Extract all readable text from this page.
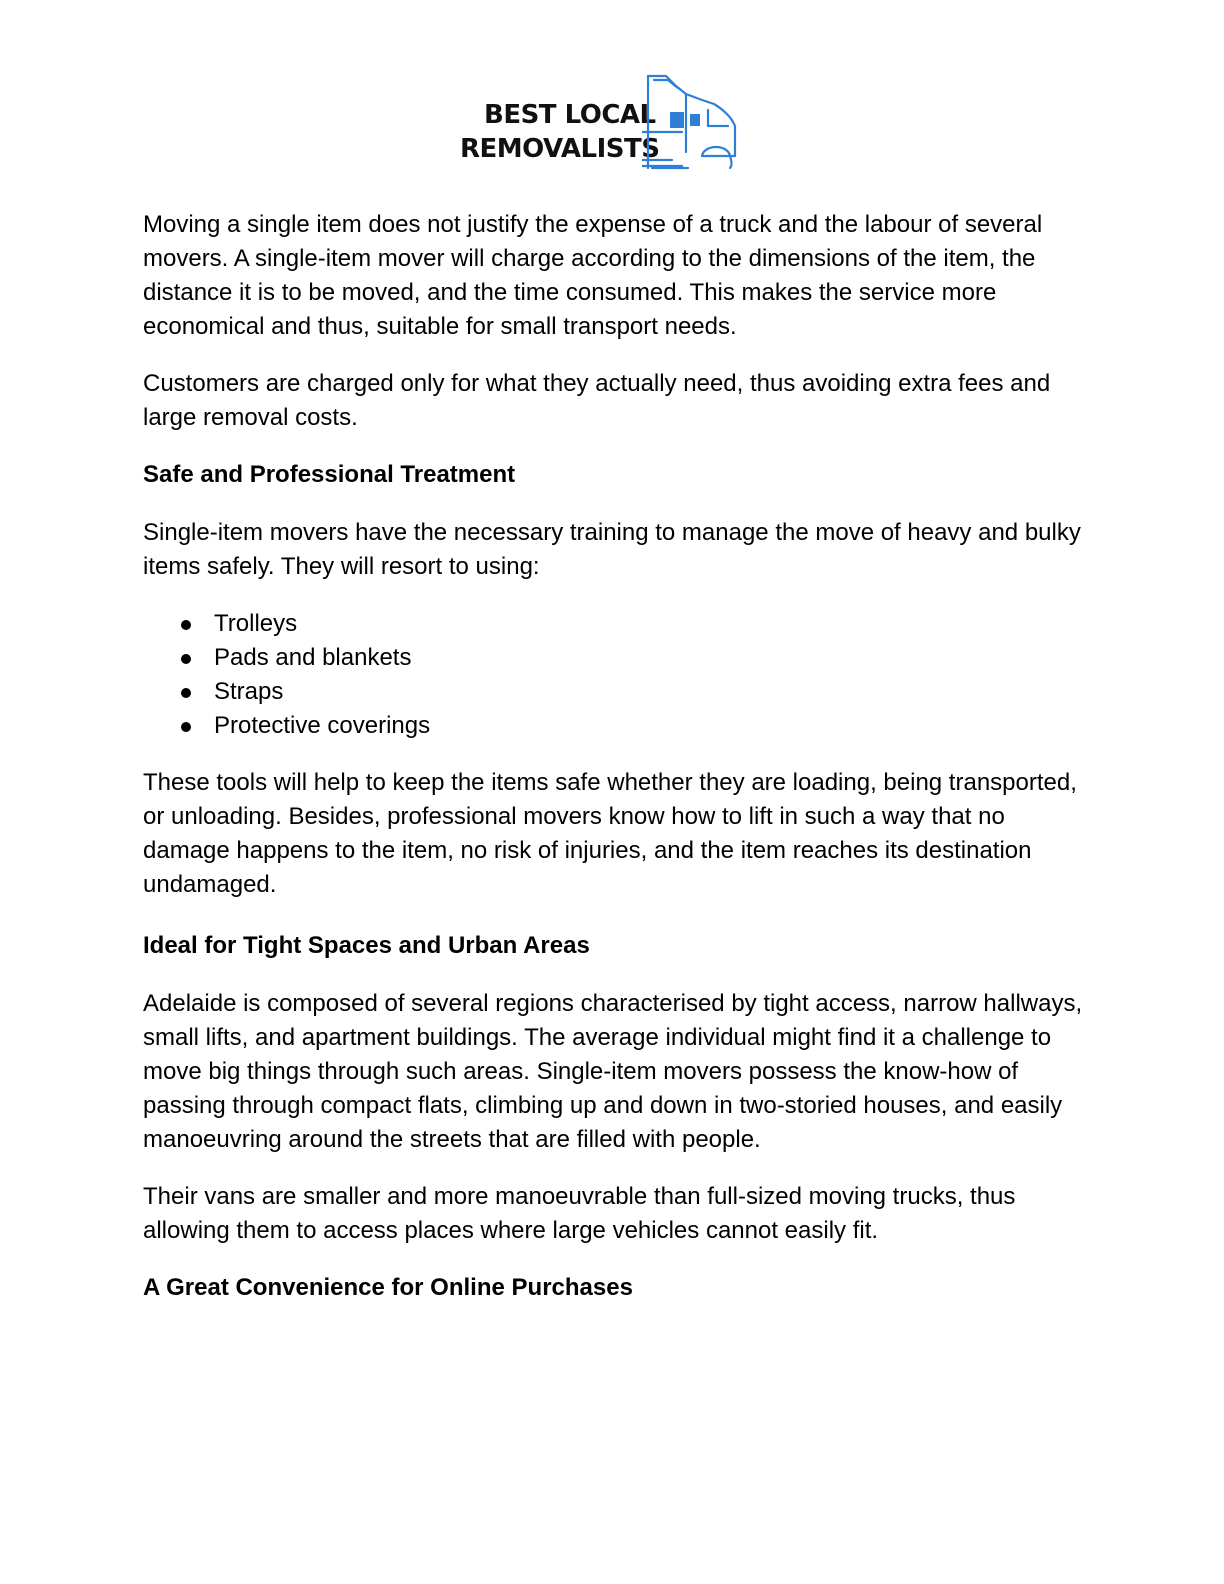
BEST LOCAL
REMOVALISTS

Moving a single item does not justify the expense of a truck and the labour of several movers. A single-item mover will charge according to the dimensions of the item, the distance it is to be moved, and the time consumed. This makes the service more economical and thus, suitable for small transport needs.

Customers are charged only for what they actually need, thus avoiding extra fees and large removal costs.

Safe and Professional Treatment

Single-item movers have the necessary training to manage the move of heavy and bulky items safely. They will resort to using:

Trolleys
Pads and blankets
Straps
Protective coverings

These tools will help to keep the items safe whether they are loading, being transported, or unloading. Besides, professional movers know how to lift in such a way that no damage happens to the item, no risk of injuries, and the item reaches its destination undamaged.

Ideal for Tight Spaces and Urban Areas

Adelaide is composed of several regions characterised by tight access, narrow hallways, small lifts, and apartment buildings. The average individual might find it a challenge to move big things through such areas. Single-item movers possess the know-how of passing through compact flats, climbing up and down in two-storied houses, and easily manoeuvring around the streets that are filled with people.

Their vans are smaller and more manoeuvrable than full-sized moving trucks, thus allowing them to access places where large vehicles cannot easily fit.

A Great Convenience for Online Purchases
